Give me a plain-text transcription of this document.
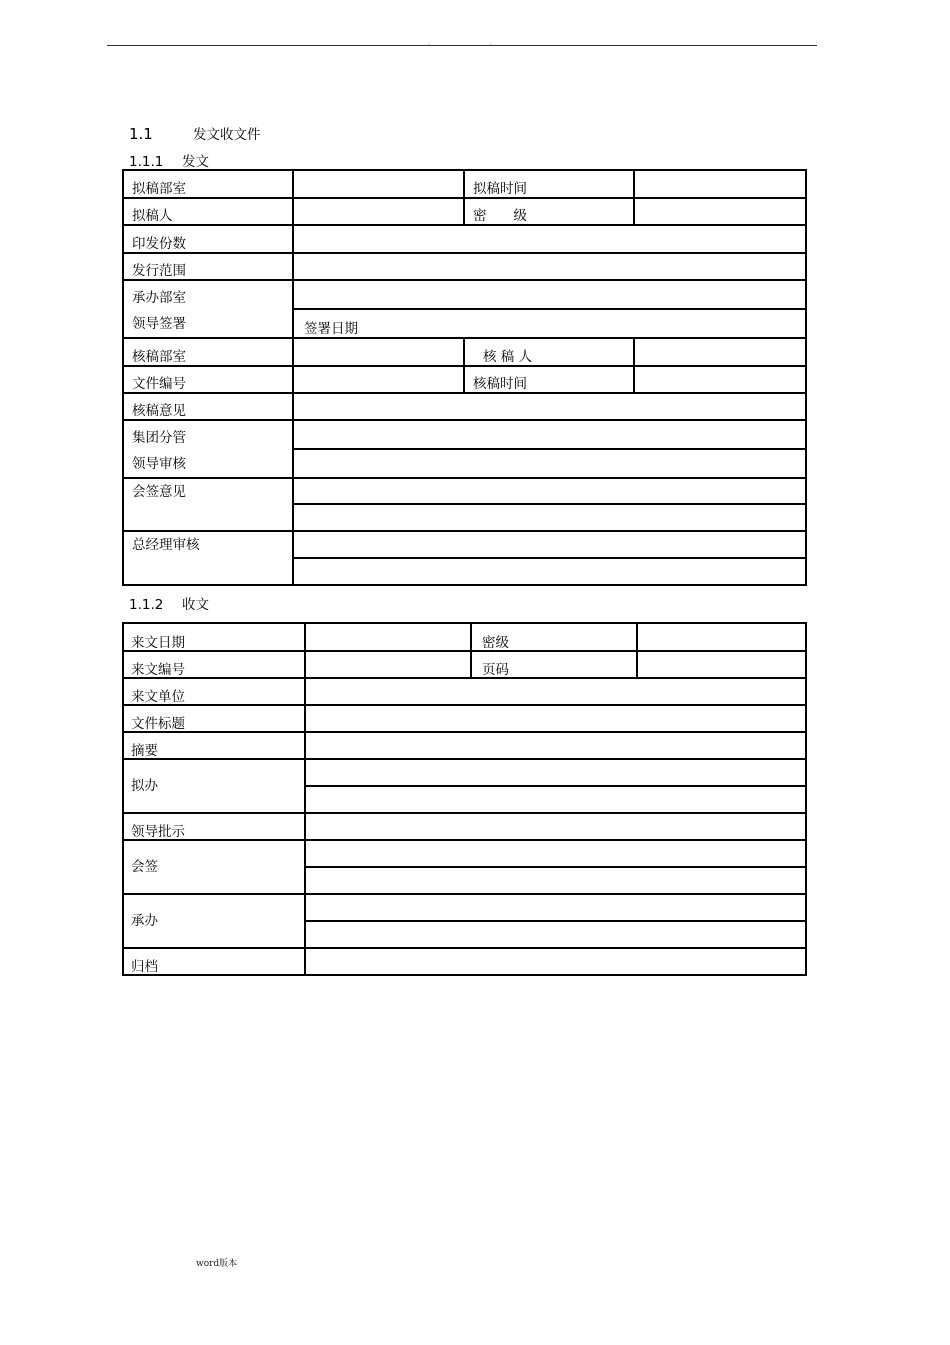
.	.
1.1	发文收文件
1.1.1 发文
拟稿部室		拟稿时间	
拟稿人		密　　级	
印发份数			
发行范围			
承办部室
领导签署			
	签署日期		
核稿部室		核 稿 人	
文件编号		核稿时间	
核稿意见			
集团分管
领导审核			

会签意见			

总经理审核			

1.1.2 收文
来文日期		密级	
来文编号		页码	
来文单位			
文件标题			
摘要			
拟办			

领导批示			
会签			

承办			

归档			
word版本
